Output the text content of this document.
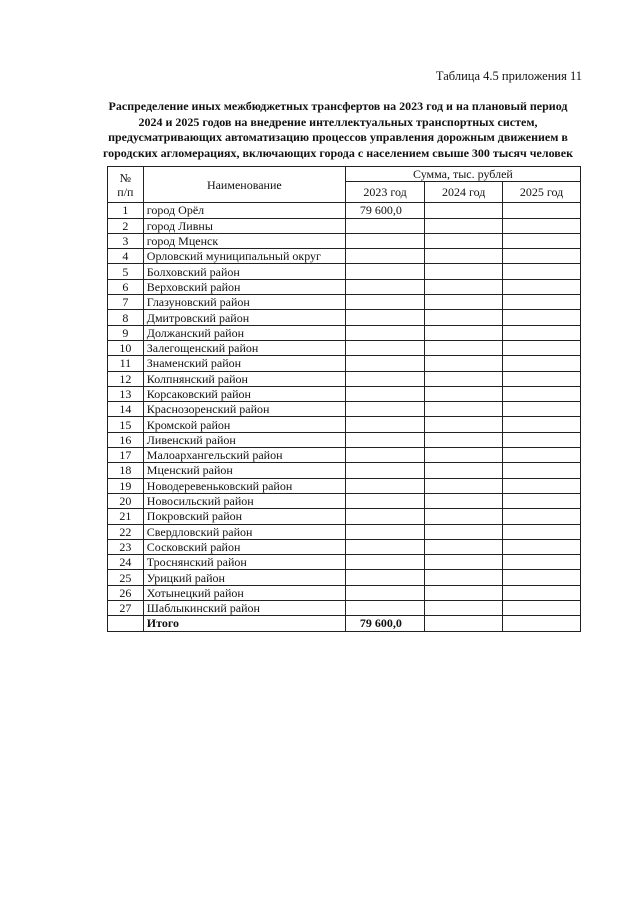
Таблица 4.5 приложения 11
Распределение иных межбюджетных трансфертов на 2023 год и на плановый период
2024 и 2025 годов на внедрение интеллектуальных транспортных систем,
предусматривающих автоматизацию процессов управления дорожным движением в
городских агломерациях, включающих города с населением свыше 300 тысяч человек
№
п/п	Наименование	Сумма, тыс. рублей		
		2023 год	2024 год	2025 год
1	город Орёл	79 600,0		
2	город Ливны			
3	город Мценск			
4	Орловский муниципальный округ			
5	Болховский район			
6	Верховский район			
7	Глазуновский район			
8	Дмитровский район			
9	Должанский район			
10	Залегощенский район			
11	Знаменский район			
12	Колпнянский район			
13	Корсаковский район			
14	Краснозоренский район			
15	Кромской район			
16	Ливенский район			
17	Малоархангельский район			
18	Мценский район			
19	Новодеревеньковский район			
20	Новосильский район			
21	Покровский район			
22	Свердловский район			
23	Сосковский район			
24	Троснянский район			
25	Урицкий район			
26	Хотынецкий район			
27	Шаблыкинский район			
	Итого	79 600,0		
